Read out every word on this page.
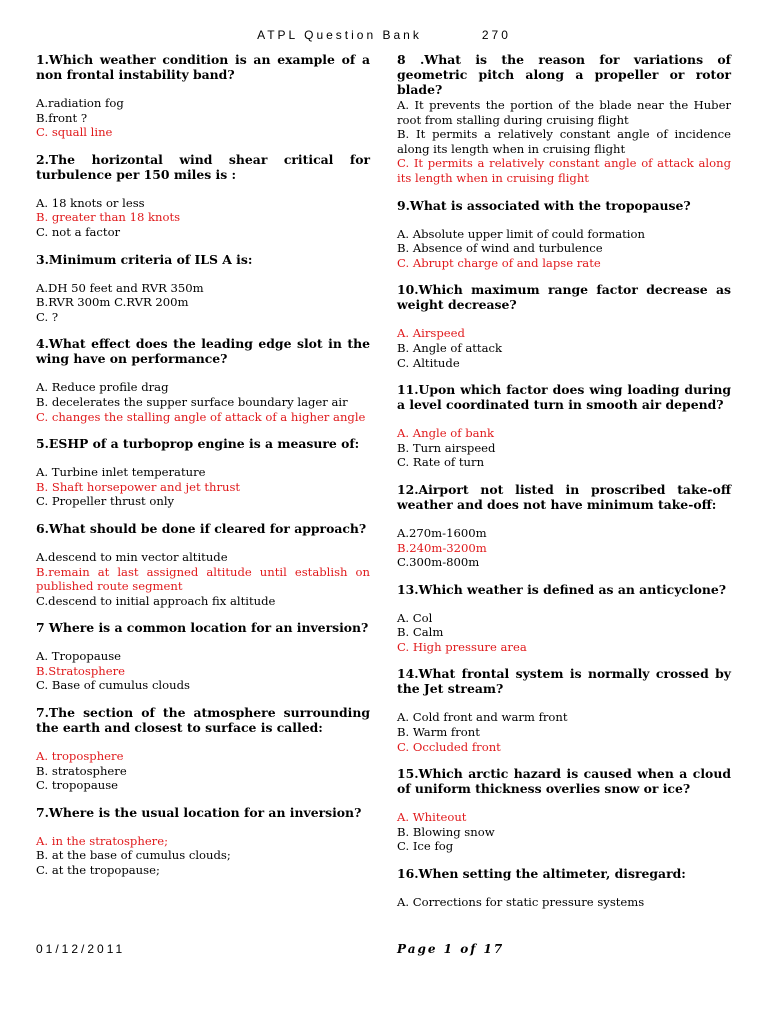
ATPL Question Bank	270
1.Which weather condition is an example of a non frontal instability band?
A.radiation fog
B.front ?
C. squall line
2.The horizontal wind shear critical for turbulence per 150 miles is :
A. 18 knots or less
B. greater than 18 knots
C. not a factor
3.Minimum criteria of ILS A is:
A.DH 50 feet and RVR 350m
B.RVR 300m C.RVR 200m
C. ?
4.What effect does the leading edge slot in the wing have on performance?
A. Reduce profile drag
B. decelerates the supper surface boundary lager air
C. changes the stalling angle of attack of a higher angle
5.ESHP of a turboprop engine is a measure of:
A. Turbine inlet temperature
B. Shaft horsepower and jet thrust
C. Propeller thrust only
6.What should be done if cleared for approach?
A.descend to min vector altitude
B.remain at last assigned altitude until establish on published route segment
C.descend to initial approach fix altitude
7 Where is a common location for an inversion?
A. Tropopause
B.Stratosphere
C. Base of cumulus clouds
7.The section of the atmosphere surrounding the earth and closest to surface is called:
A. troposphere
B. stratosphere
C. tropopause
7.Where is the usual location for an inversion?
A. in the stratosphere;
B. at the base of cumulus clouds;
C. at the tropopause;
8 .What is the reason for variations of geometric pitch along a propeller or rotor blade?
A. It prevents the portion of the blade near the Huber root from stalling during cruising flight
B. It permits a relatively constant angle of incidence along its length when in cruising flight
C. It permits a relatively constant angle of attack along its length when in cruising flight
9.What is associated with the tropopause?
A. Absolute upper limit of could formation
B. Absence of wind and turbulence
C. Abrupt charge of and lapse rate
10.Which maximum range factor decrease as weight decrease?
A. Airspeed
B. Angle of attack
C. Altitude
11.Upon which factor does wing loading during a level coordinated turn in smooth air depend?
A. Angle of bank
B. Turn airspeed
C. Rate of turn
12.Airport not listed in proscribed take-off weather and does not have minimum take-off:
A.270m-1600m
B.240m-3200m
C.300m-800m
13.Which weather is defined as an anticyclone?
A. Col
B. Calm
C. High pressure area
14.What frontal system is normally crossed by the Jet stream?
A. Cold front and warm front
B. Warm front
C. Occluded front
15.Which arctic hazard is caused when a cloud of uniform thickness overlies snow or ice?
A. Whiteout
B. Blowing snow
C. Ice fog
16.When setting the altimeter, disregard:
A. Corrections for static pressure systems
01/12/2011	Page 1 of 17
